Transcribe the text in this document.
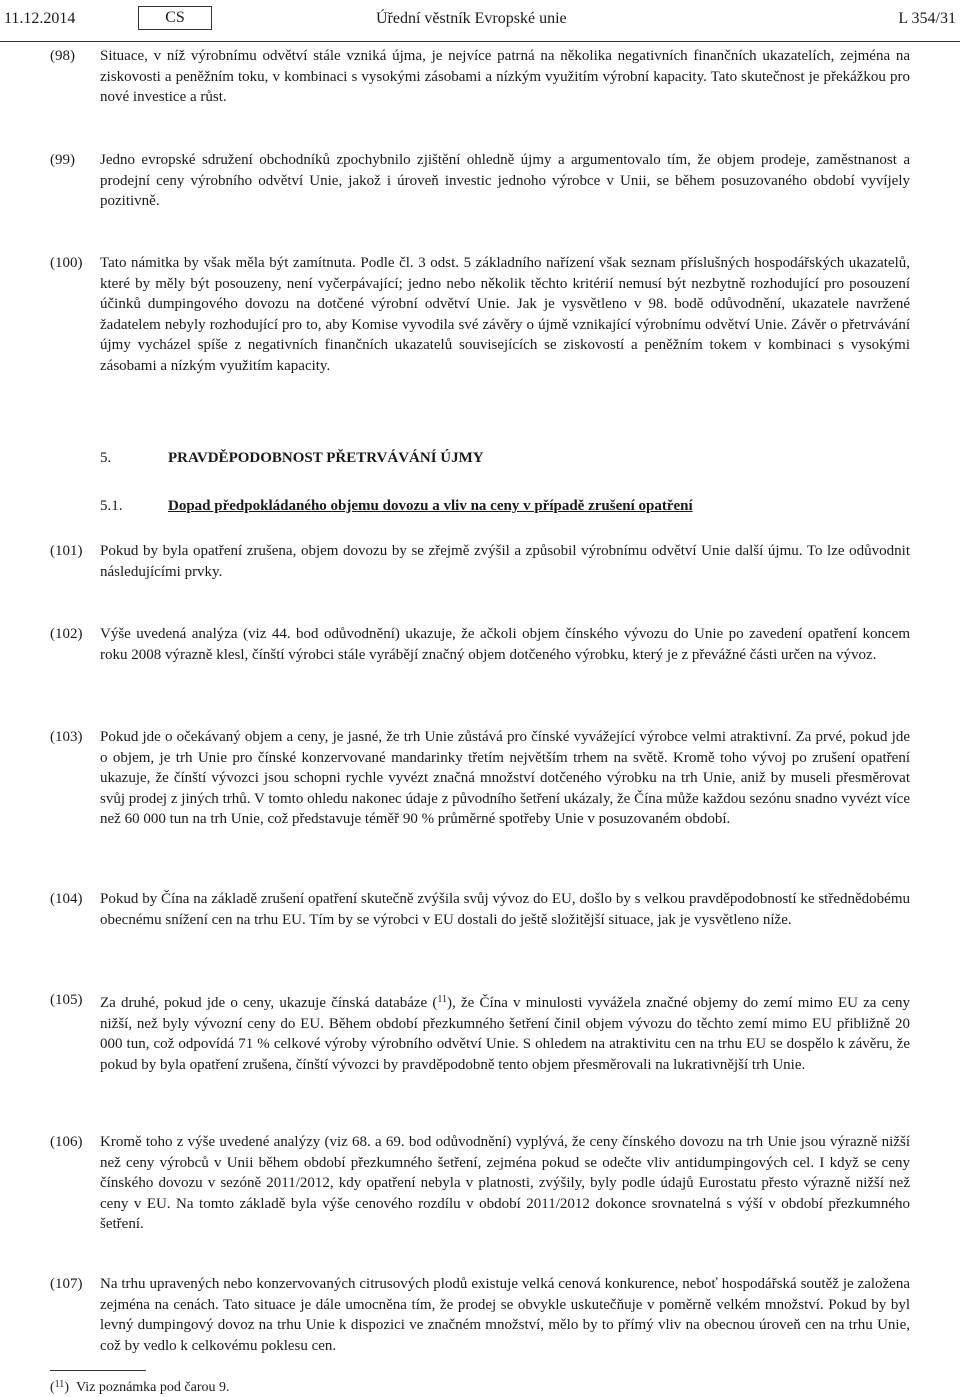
11.12.2014	CS	Úřední věstník Evropské unie	L 354/31
(98) Situace, v níž výrobnímu odvětví stále vzniká újma, je nejvíce patrná na několika negativních finančních ukazatelích, zejména na ziskovosti a peněžním toku, v kombinaci s vysokými zásobami a nízkým využitím výrobní kapacity. Tato skutečnost je překážkou pro nové investice a růst.
(99) Jedno evropské sdružení obchodníků zpochybnilo zjištění ohledně újmy a argumentovalo tím, že objem prodeje, zaměstnanost a prodejní ceny výrobního odvětví Unie, jakož i úroveň investic jednoho výrobce v Unii, se během posuzovaného období vyvíjely pozitivně.
(100) Tato námitka by však měla být zamítnuta. Podle čl. 3 odst. 5 základního nařízení však seznam příslušných hospodářských ukazatelů, které by měly být posouzeny, není vyčerpávající; jedno nebo několik těchto kritérií nemusí být nezbytně rozhodující pro posouzení účinků dumpingového dovozu na dotčené výrobní odvětví Unie. Jak je vysvětleno v 98. bodě odůvodnění, ukazatele navržené žadatelem nebyly rozhodující pro to, aby Komise vyvodila své závěry o újmě vznikající výrobnímu odvětví Unie. Závěr o přetrvávání újmy vycházel spíše z negativních finančních ukazatelů souvisejících se ziskovostí a peněžním tokem v kombinaci s vysokými zásobami a nízkým využitím kapacity.
5.	PRAVDĚPODOBNOST PŘETRVÁVÁNÍ ÚJMY
5.1.	Dopad předpokládaného objemu dovozu a vliv na ceny v případě zrušení opatření
(101) Pokud by byla opatření zrušena, objem dovozu by se zřejmě zvýšil a způsobil výrobnímu odvětví Unie další újmu. To lze odůvodnit následujícími prvky.
(102) Výše uvedená analýza (viz 44. bod odůvodnění) ukazuje, že ačkoli objem čínského vývozu do Unie po zavedení opatření koncem roku 2008 výrazně klesl, čínští výrobci stále vyrábějí značný objem dotčeného výrobku, který je z převážné části určen na vývoz.
(103) Pokud jde o očekávaný objem a ceny, je jasné, že trh Unie zůstává pro čínské vyvážející výrobce velmi atraktivní. Za prvé, pokud jde o objem, je trh Unie pro čínské konzervované mandarinky třetím největším trhem na světě. Kromě toho vývoj po zrušení opatření ukazuje, že čínští vývozci jsou schopni rychle vyvézt značná množství dotčeného výrobku na trh Unie, aniž by museli přesměrovat svůj prodej z jiných trhů. V tomto ohledu nakonec údaje z původního šetření ukázaly, že Čína může každou sezónu snadno vyvézt více než 60 000 tun na trh Unie, což představuje téměř 90 % průměrné spotřeby Unie v posuzovaném období.
(104) Pokud by Čína na základě zrušení opatření skutečně zvýšila svůj vývoz do EU, došlo by s velkou pravděpodobností ke střednědobému obecnému snížení cen na trhu EU. Tím by se výrobci v EU dostali do ještě složitější situace, jak je vysvětleno níže.
(105) Za druhé, pokud jde o ceny, ukazuje čínská databáze ($^{11}$), že Čína v minulosti vyvážela značné objemy do zemí mimo EU za ceny nižší, než byly vývozní ceny do EU. Během období přezkumného šetření činil objem vývozu do těchto zemí mimo EU přibližně 20 000 tun, což odpovídá 71 % celkové výroby výrobního odvětví Unie. S ohledem na atraktivitu cen na trhu EU se dospělo k závěru, že pokud by byla opatření zrušena, čínští vývozci by pravděpodobně tento objem přesměrovali na lukrativnější trh Unie.
(106) Kromě toho z výše uvedené analýzy (viz 68. a 69. bod odůvodnění) vyplývá, že ceny čínského dovozu na trh Unie jsou výrazně nižší než ceny výrobců v Unii během období přezkumného šetření, zejména pokud se odečte vliv antidumpingových cel. I když se ceny čínského dovozu v sezóně 2011/2012, kdy opatření nebyla v platnosti, zvýšily, byly podle údajů Eurostatu přesto výrazně nižší než ceny v EU. Na tomto základě byla výše cenového rozdílu v období 2011/2012 dokonce srovnatelná s výší v období přezkumného šetření.
(107) Na trhu upravených nebo konzervovaných citrusových plodů existuje velká cenová konkurence, neboť hospodářská soutěž je založena zejména na cenách. Tato situace je dále umocněna tím, že prodej se obvykle uskutečňuje v poměrně velkém množství. Pokud by byl levný dumpingový dovoz na trhu Unie k dispozici ve značném množství, mělo by to přímý vliv na obecnou úroveň cen na trhu Unie, což by vedlo k celkovému poklesu cen.
($^{11}$)  Viz poznámka pod čarou 9.
